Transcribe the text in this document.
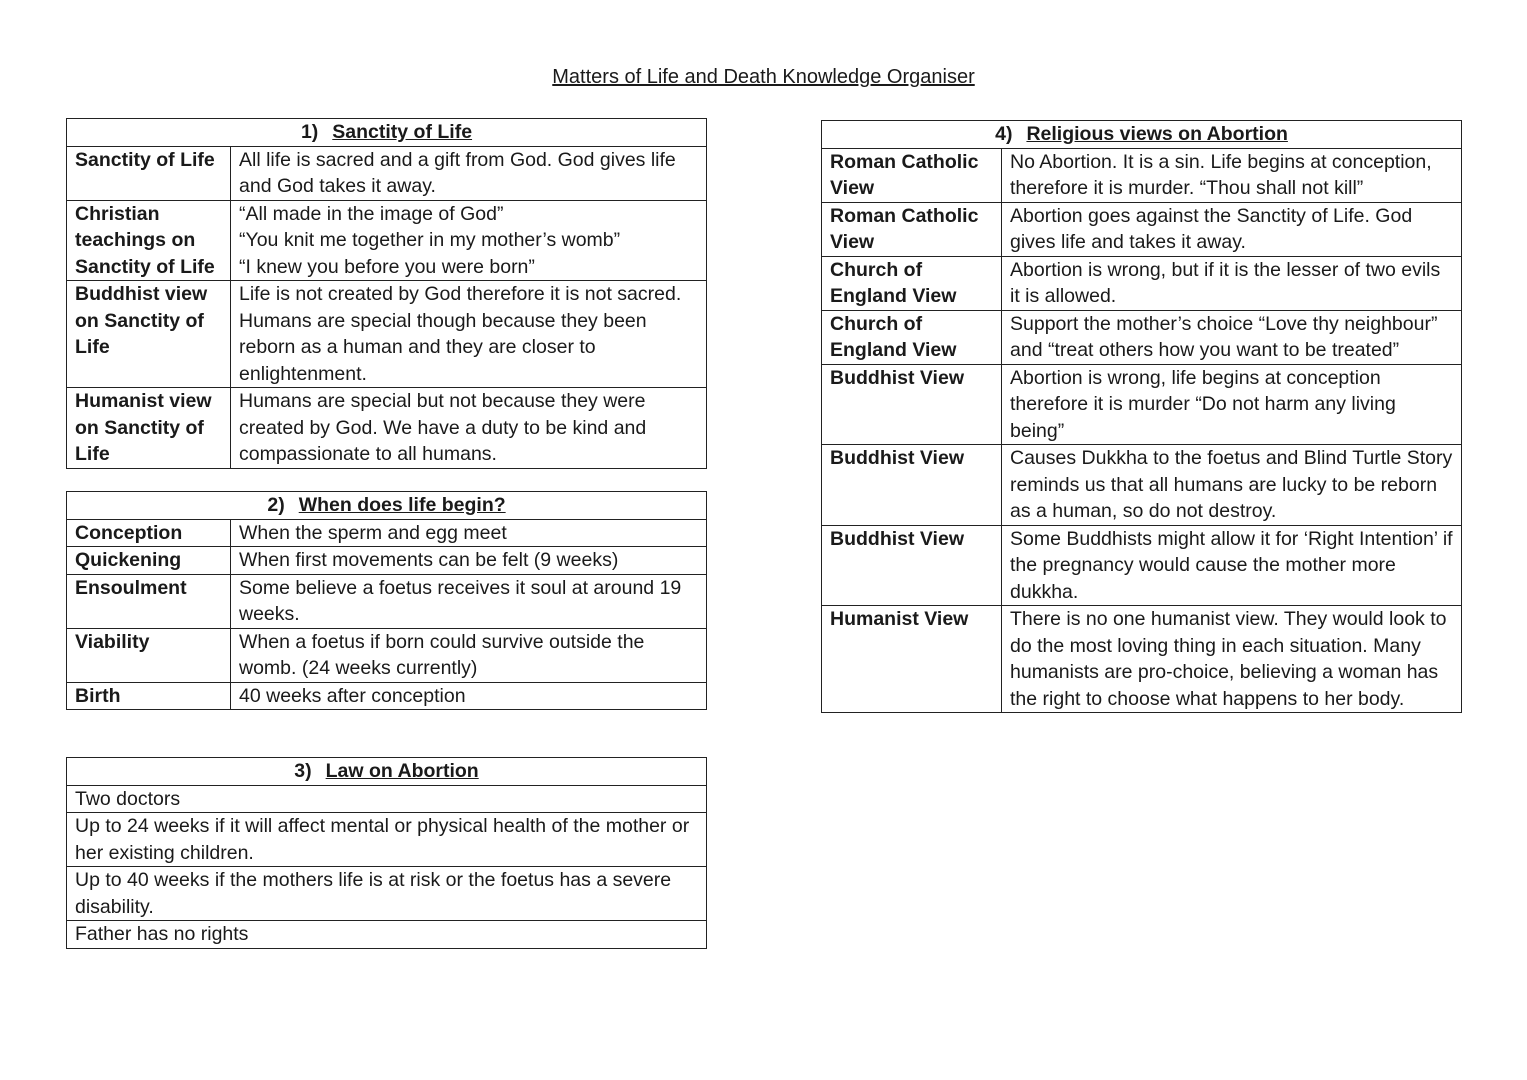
Matters of Life and Death Knowledge Organiser
1) Sanctity of Life	
Sanctity of Life	All life is sacred and a gift from God. God gives life and God takes it away.

Christian teachings on Sanctity of Life	“All made in the image of God”
“You knit me together in my mother’s womb”
“I knew you before you were born”

Buddhist view on Sanctity of Life	Life is not created by God therefore it is not sacred. Humans are special though because they been reborn as a human and they are closer to enlightenment.

Humanist view on Sanctity of Life	Humans are special but not because they were created by God. We have a duty to be kind and compassionate to all humans.
2) When does life begin?	
Conception	When the sperm and egg meet
Quickening	When first movements can be felt (9 weeks)
Ensoulment	Some believe a foetus receives it soul at around 19 weeks.
Viability	When a foetus if born could survive outside the womb. (24 weeks currently)
Birth	40 weeks after conception
3) Law on Abortion
Two doctors
Up to 24 weeks if it will affect mental or physical health of the mother or her existing children.
Up to 40 weeks if the mothers life is at risk or the foetus has a severe disability.
Father has no rights
4) Religious views on Abortion	

Roman Catholic View	No Abortion. It is a sin. Life begins at conception, therefore it is murder. “Thou shall not kill”

Roman Catholic View	Abortion goes against the Sanctity of Life. God gives life and takes it away.

Church of England View	Abortion is wrong, but if it is the lesser of two evils it is allowed.

Church of England View	Support the mother’s choice “Love thy neighbour” and “treat others how you want to be treated”
Buddhist View	Abortion is wrong, life begins at conception therefore it is murder “Do not harm any living being”
Buddhist View	Causes Dukkha to the foetus and Blind Turtle Story reminds us that all humans are lucky to be reborn as a human, so do not destroy.
Buddhist View	Some Buddhists might allow it for ‘Right Intention’ if the pregnancy would cause the mother more dukkha.
Humanist View	There is no one humanist view. They would look to do the most loving thing in each situation. Many humanists are pro-choice, believing a woman has the right to choose what happens to her body.
